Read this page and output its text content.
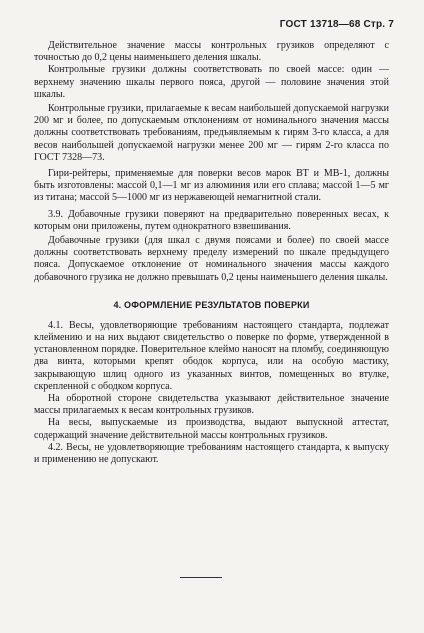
ГОСТ 13718—68 Стр. 7

Действительное значение массы контрольных грузиков определяют с точностью до 0,2 цены наименьшего деления шкалы.

Контрольные грузики должны соответствовать по своей массе: один — верхнему значению шкалы первого пояса, другой — половине значения этой шкалы.

Контрольные грузики, прилагаемые к весам наибольшей допускаемой нагрузки 200 мг и более, по допускаемым отклонениям от номинального значения массы должны соответствовать требованиям, предъявляемым к гирям 3-го класса, а для весов наибольшей допускаемой нагрузки менее 200 мг — гирям 2-го класса по ГОСТ 7328—73.

Гири-рейтеры, применяемые для поверки весов марок ВТ и МВ-1, должны быть изготовлены: массой 0,1—1 мг из алюминия или его сплава; массой 1—5 мг из титана; массой 5—1000 мг из нержавеющей немагнитной стали.

3.9. Добавочные грузики поверяют на предварительно поверенных весах, к которым они приложены, путем однократного взвешивания.

Добавочные грузики (для шкал с двумя поясами и более) по своей массе должны соответствовать верхнему пределу измерений по шкале предыдущего пояса. Допускаемое отклонение от номинального значения массы каждого добавочного грузика не должно превышать 0,2 цены наименьшего деления шкалы.

4. ОФОРМЛЕНИЕ РЕЗУЛЬТАТОВ ПОВЕРКИ

4.1. Весы, удовлетворяющие требованиям настоящего стандарта, подлежат клеймению и на них выдают свидетельство о поверке по форме, утвержденной в установленном порядке. Поверительное клеймо наносят на пломбу, соединяющую два винта, которыми крепят ободок корпуса, или на особую мастику, закрывающую шлиц одного из указанных винтов, помещенных во втулке, скрепленной с ободком корпуса.

На оборотной стороне свидетельства указывают действительное значение массы прилагаемых к весам контрольных грузиков.

На весы, выпускаемые из производства, выдают выпускной аттестат, содержащий значение действительной массы контрольных грузиков.

4.2. Весы, не удовлетворяющие требованиям настоящего стандарта, к выпуску и применению не допускают.
